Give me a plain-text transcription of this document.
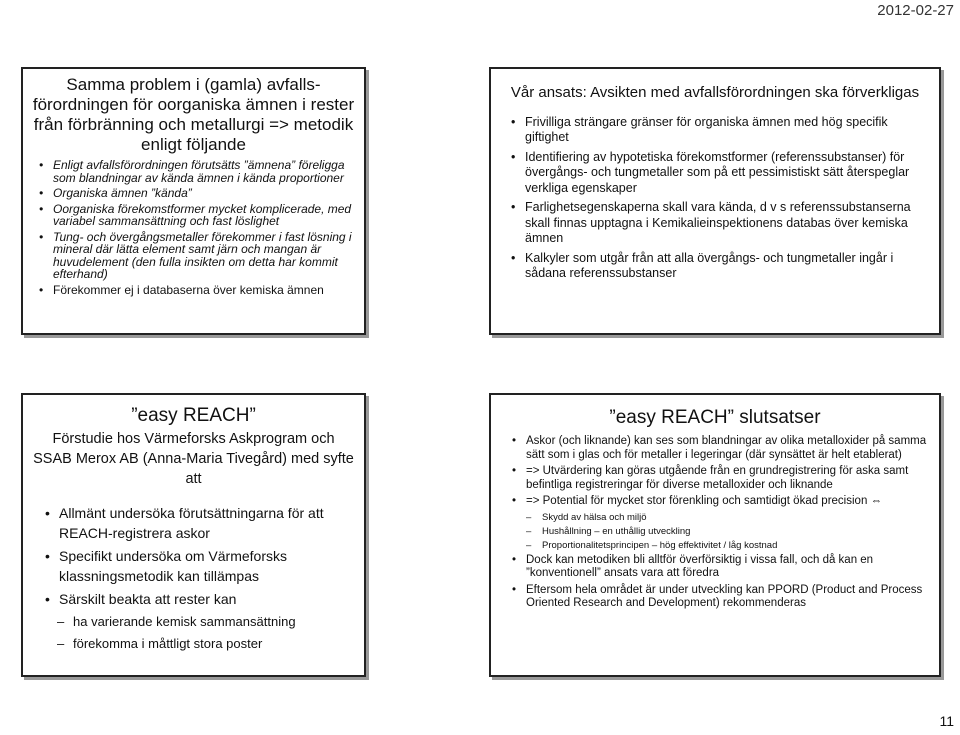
2012-02-27
Samma problem i (gamla) avfalls-förordningen för oorganiska ämnen i rester från förbränning och metallurgi => metodik enligt följande
• Enligt avfallsförordningen förutsätts ”ämnena” föreligga som blandningar av kända ämnen i kända proportioner
• Organiska ämnen ”kända”
• Oorganiska förekomstformer mycket komplicerade, med variabel sammansättning och fast löslighet
• Tung- och övergångsmetaller förekommer i fast lösning i mineral där lätta element samt järn och mangan är huvudelement (den fulla insikten om detta har kommit efterhand)
• Förekommer ej i databaserna över kemiska ämnen
Vår ansats: Avsikten med avfallsförordningen ska förverkligas
• Frivilliga strängare gränser för organiska ämnen med hög specifik giftighet
• Identifiering av hypotetiska förekomstformer (referenssubstanser) för övergångs- och tungmetaller som på ett pessimistiskt sätt återspeglar verkliga egenskaper
• Farlighetsegenskaperna skall vara kända, d v s referenssubstanserna skall finnas upptagna i Kemikalieinspektionens databas över kemiska ämnen
• Kalkyler som utgår från att alla övergångs- och tungmetaller ingår i sådana referenssubstanser
”easy REACH”
Förstudie hos Värmeforsks Askprogram och SSAB Merox AB (Anna-Maria Tivegård) med syfte att
• Allmänt undersöka förutsättningarna för att REACH-registrera askor
• Specifikt undersöka om Värmeforsks klassningsmetodik kan tillämpas
• Särskilt beakta att rester kan
– ha varierande kemisk sammansättning
– förekomma i måttligt stora poster
”easy REACH” slutsatser
• Askor (och liknande) kan ses som blandningar av olika metalloxider på samma sätt som i glas och för metaller i legeringar (där synsättet är helt etablerat)
• => Utvärdering kan göras utgående från en grundregistrering för aska samt befintliga registreringar för diverse metalloxider och liknande
• => Potential för mycket stor förenkling och samtidigt ökad precision ⇔
– Skydd av hälsa och miljö
– Hushållning – en uthållig utveckling
– Proportionalitetsprincipen – hög effektivitet / låg kostnad
• Dock kan metodiken bli alltför överförsiktig i vissa fall, och då kan en ”konventionell” ansats vara att föredra
• Eftersom hela området är under utveckling kan PPORD (Product and Process Oriented Research and Development) rekommenderas
11
